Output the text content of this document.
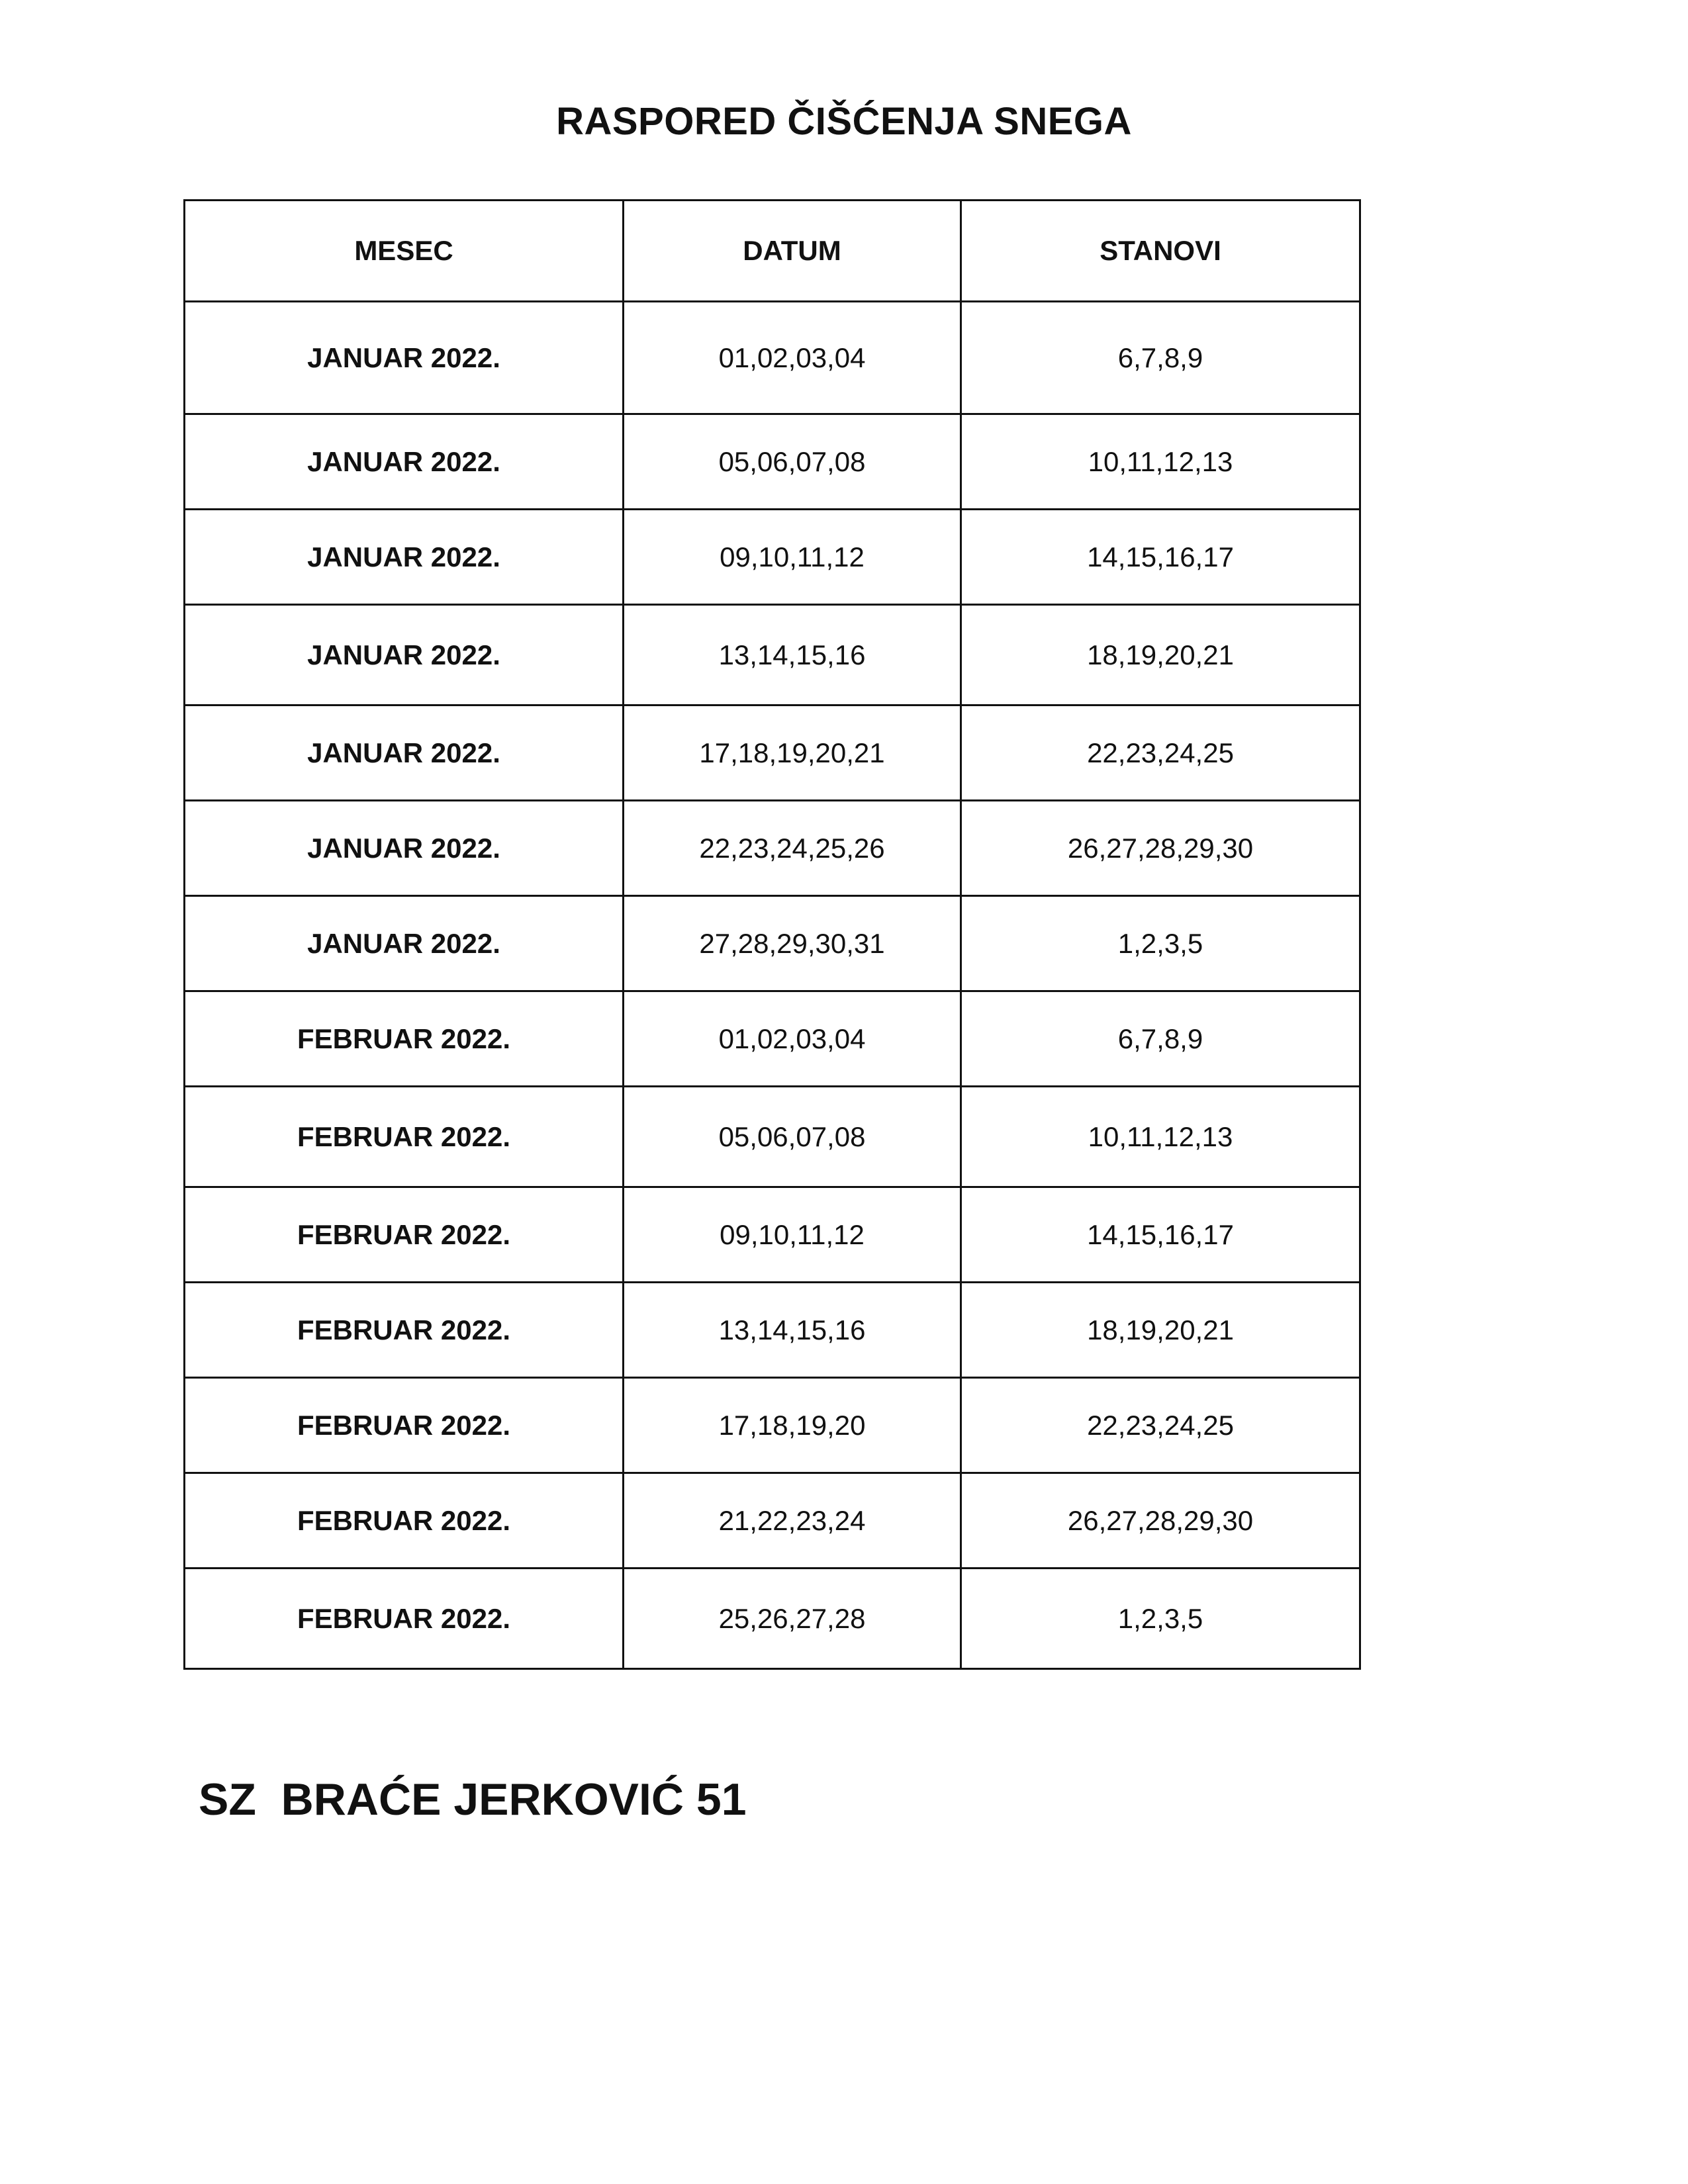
RASPORED ČIŠĆENJA SNEGA
MESEC	DATUM	STANOVI
JANUAR 2022.	01,02,03,04	6,7,8,9
JANUAR 2022.	05,06,07,08	10,11,12,13
JANUAR 2022.	09,10,11,12	14,15,16,17
JANUAR 2022.	13,14,15,16	18,19,20,21
JANUAR 2022.	17,18,19,20,21	22,23,24,25
JANUAR 2022.	22,23,24,25,26	26,27,28,29,30
JANUAR 2022.	27,28,29,30,31	1,2,3,5
FEBRUAR 2022.	01,02,03,04	6,7,8,9
FEBRUAR 2022.	05,06,07,08	10,11,12,13
FEBRUAR 2022.	09,10,11,12	14,15,16,17
FEBRUAR 2022.	13,14,15,16	18,19,20,21
FEBRUAR 2022.	17,18,19,20	22,23,24,25
FEBRUAR 2022.	21,22,23,24	26,27,28,29,30
FEBRUAR 2022.	25,26,27,28	1,2,3,5
SZ  BRAĆE JERKOVIĆ 51
